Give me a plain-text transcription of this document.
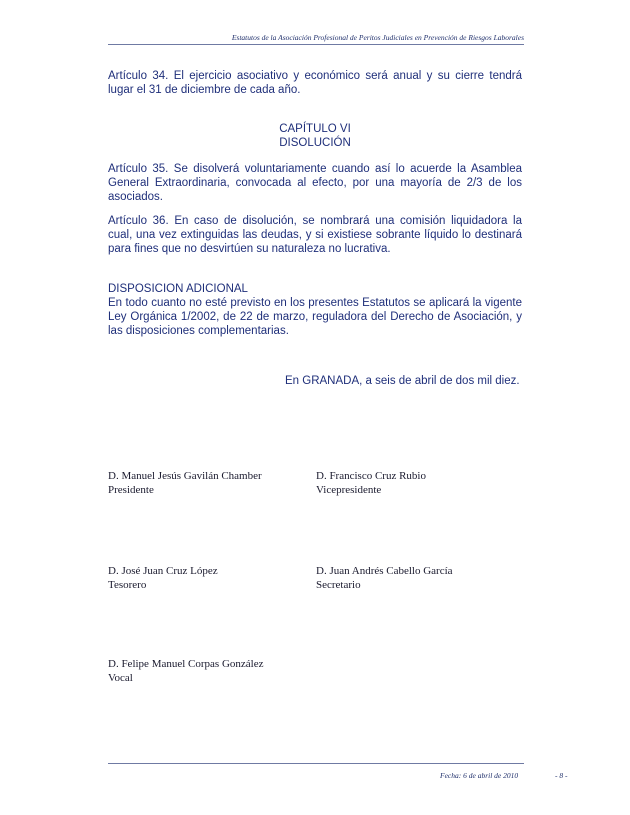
Estatutos de la Asociación Profesional de Peritos Judiciales en Prevención de Riesgos Laborales
Artículo 34. El ejercicio asociativo y económico será anual y su cierre tendrá lugar el 31 de diciembre de cada año.
CAPÍTULO VI
DISOLUCIÓN
Artículo 35. Se disolverá voluntariamente cuando así lo acuerde la Asamblea General Extraordinaria, convocada al efecto, por una mayoría de 2/3 de los asociados.
Artículo 36. En caso de disolución, se nombrará una comisión liquidadora la cual, una vez extinguidas las deudas, y si existiese sobrante líquido lo destinará para fines que no desvirtúen su naturaleza no lucrativa.
DISPOSICION ADICIONAL
En todo cuanto no esté previsto en los presentes Estatutos se aplicará la vigente Ley Orgánica 1/2002, de 22 de marzo, reguladora del Derecho de Asociación, y las disposiciones complementarias.
En GRANADA, a seis de abril de dos mil diez.
D. Manuel Jesús Gavilán Chamber
Presidente
D. Francisco Cruz Rubio
Vicepresidente
D. José Juan Cruz López
Tesorero
D. Juan Andrés Cabello García
Secretario
D. Felipe Manuel Corpas González
Vocal
Fecha: 6 de abril de 2010	- 8 -
